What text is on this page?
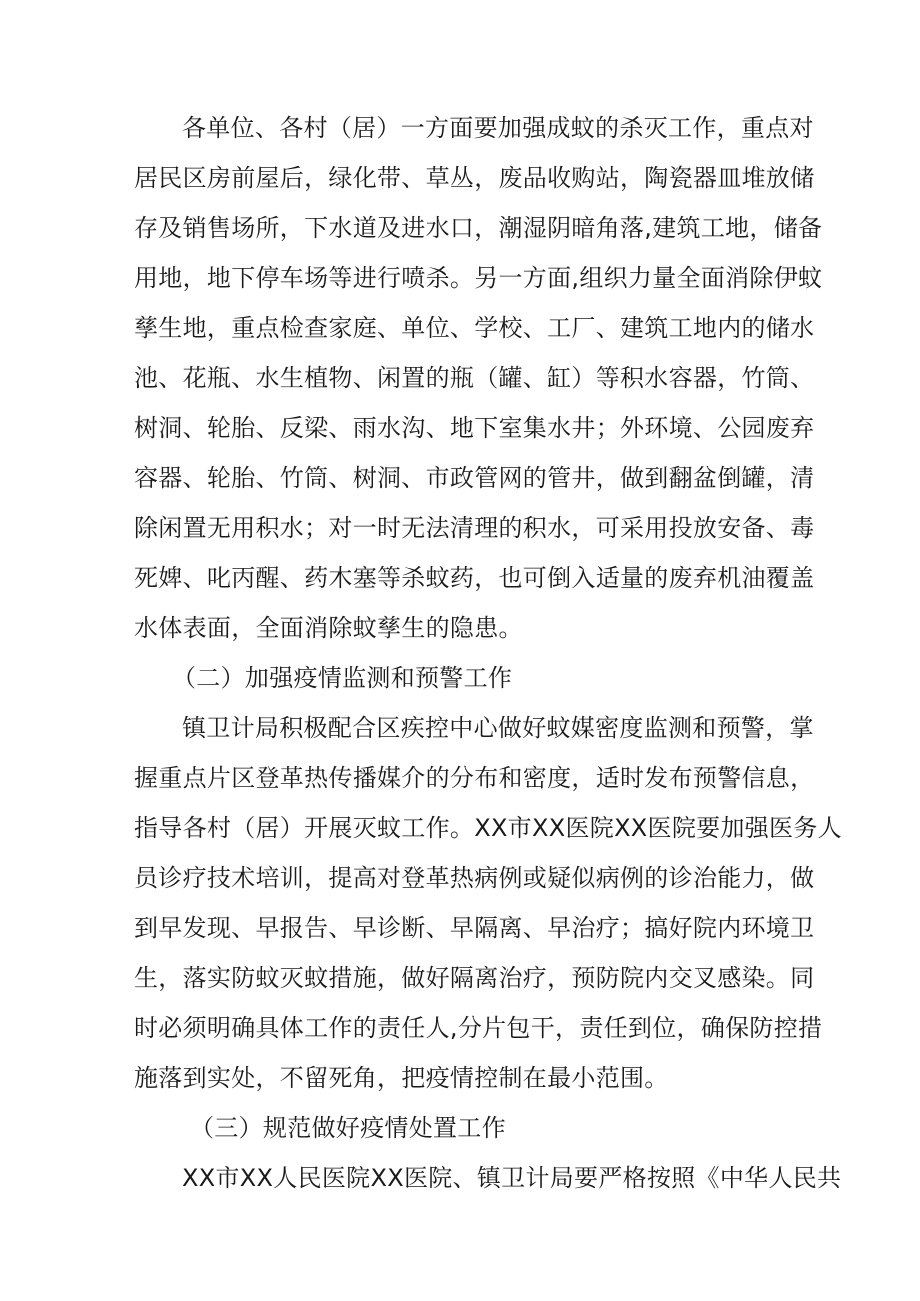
各单位、各村（居）一方面要加强成蚊的杀灭工作，重点对
居民区房前屋后，绿化带、草丛，废品收购站，陶瓷器皿堆放储
存及销售场所，下水道及进水口，潮湿阴暗角落,建筑工地，储备
用地，地下停车场等进行喷杀。另一方面,组织力量全面消除伊蚊
孳生地，重点检查家庭、单位、学校、工厂、建筑工地内的储水
池、花瓶、水生植物、闲置的瓶（罐、缸）等积水容器，竹筒、
树洞、轮胎、反梁、雨水沟、地下室集水井；外环境、公园废弃
容器、轮胎、竹筒、树洞、市政管网的管井，做到翻盆倒罐，清
除闲置无用积水；对一时无法清理的积水，可采用投放安备、毒
死婢、叱丙醒、药木塞等杀蚊药，也可倒入适量的废弃机油覆盖
水体表面，全面消除蚊孳生的隐患。
（二）加强疫情监测和预警工作
镇卫计局积极配合区疾控中心做好蚊媒密度监测和预警，掌
握重点片区登革热传播媒介的分布和密度，适时发布预警信息，
指导各村（居）开展灭蚊工作。XX市XX医院XX医院要加强医务人
员诊疗技术培训，提高对登革热病例或疑似病例的诊治能力，做
到早发现、早报告、早诊断、早隔离、早治疗；搞好院内环境卫
生，落实防蚊灭蚊措施，做好隔离治疗，预防院内交叉感染。同
时必须明确具体工作的责任人,分片包干，责任到位，确保防控措
施落到实处，不留死角，把疫情控制在最小范围。
（三）规范做好疫情处置工作
XX市XX人民医院XX医院、镇卫计局要严格按照《中华人民共
